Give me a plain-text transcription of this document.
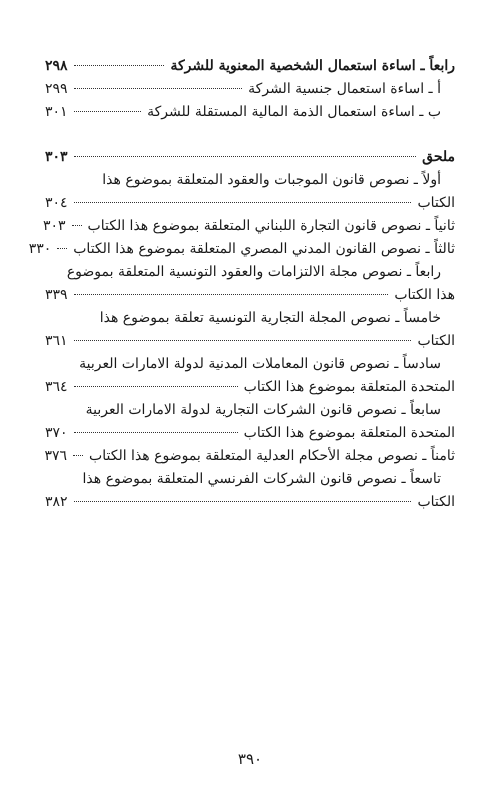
رابعاً ـ اساءة استعمال الشخصية المعنوية للشركة
٢٩٨
أ ـ اساءة استعمال جنسية الشركة
٢٩٩
ب ـ اساءة استعمال الذمة المالية المستقلة للشركة
٣٠١
ملحق
٣٠٣
أولاً ـ نصوص قانون الموجبات والعقود المتعلقة بموضوع هذا
الكتاب
٣٠٤
ثانياً ـ نصوص قانون التجارة اللبناني المتعلقة بموضوع هذا الكتاب
٣٠٣
ثالثاً ـ نصوص القانون المدني المصري المتعلقة بموضوع هذا الكتاب
٣٣٠
رابعاً ـ نصوص مجلة الالتزامات والعقود التونسية المتعلقة بموضوع
هذا الكتاب
٣٣٩
خامساً ـ نصوص المجلة التجارية التونسية تعلقة بموضوع هذا
الكتاب
٣٦١
سادساً ـ نصوص قانون المعاملات المدنية لدولة الامارات العربية
المتحدة المتعلقة بموضوع هذا الكتاب
٣٦٤
سابعاً ـ نصوص قانون الشركات التجارية لدولة الامارات العربية
المتحدة المتعلقة بموضوع هذا الكتاب
٣٧٠
ثامناً ـ نصوص مجلة الأحكام العدلية المتعلقة بموضوع هذا الكتاب
٣٧٦
تاسعاً ـ نصوص قانون الشركات الفرنسي المتعلقة بموضوع هذا
الكتاب
٣٨٢
٣٩٠
